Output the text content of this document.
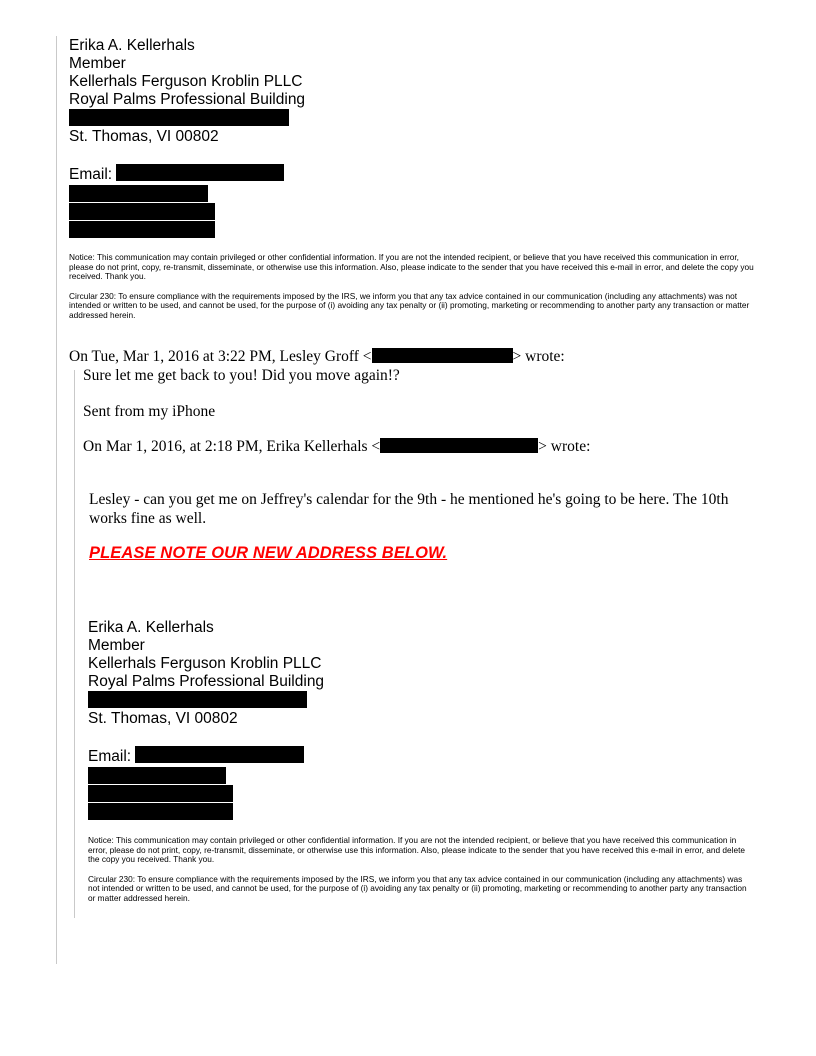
Erika A. Kellerhals
Member
Kellerhals Ferguson Kroblin PLLC
Royal Palms Professional Building
St. Thomas, VI 00802
Email:

Notice: This communication may contain privileged or other confidential information. If you are not the intended recipient, or believe that you have received this communication in error, please do not print, copy, re-transmit, disseminate, or otherwise use this information. Also, please indicate to the sender that you have received this e-mail in error, and delete the copy you received. Thank you.

Circular 230: To ensure compliance with the requirements imposed by the IRS, we inform you that any tax advice contained in our communication (including any attachments) was not intended or written to be used, and cannot be used, for the purpose of (i) avoiding any tax penalty or (ii) promoting, marketing or recommending to another party any transaction or matter addressed herein.

On Tue, Mar 1, 2016 at 3:22 PM, Lesley Groff <	> wrote:
Sure let me get back to you! Did you move again!?
Sent from my iPhone
On Mar 1, 2016, at 2:18 PM, Erika Kellerhals <	> wrote:
Lesley - can you get me on Jeffrey's calendar for the 9th - he mentioned he's going to be here. The 10th works fine as well.
PLEASE NOTE OUR NEW ADDRESS BELOW.
Erika A. Kellerhals
Member
Kellerhals Ferguson Kroblin PLLC
Royal Palms Professional Building
St. Thomas, VI 00802
Email:

Notice: This communication may contain privileged or other confidential information. If you are not the intended recipient, or believe that you have received this communication in error, please do not print, copy, re-transmit, disseminate, or otherwise use this information. Also, please indicate to the sender that you have received this e-mail in error, and delete the copy you received. Thank you.

Circular 230: To ensure compliance with the requirements imposed by the IRS, we inform you that any tax advice contained in our communication (including any attachments) was not intended or written to be used, and cannot be used, for the purpose of (i) avoiding any tax penalty or (ii) promoting, marketing or recommending to another party any transaction or matter addressed herein.
